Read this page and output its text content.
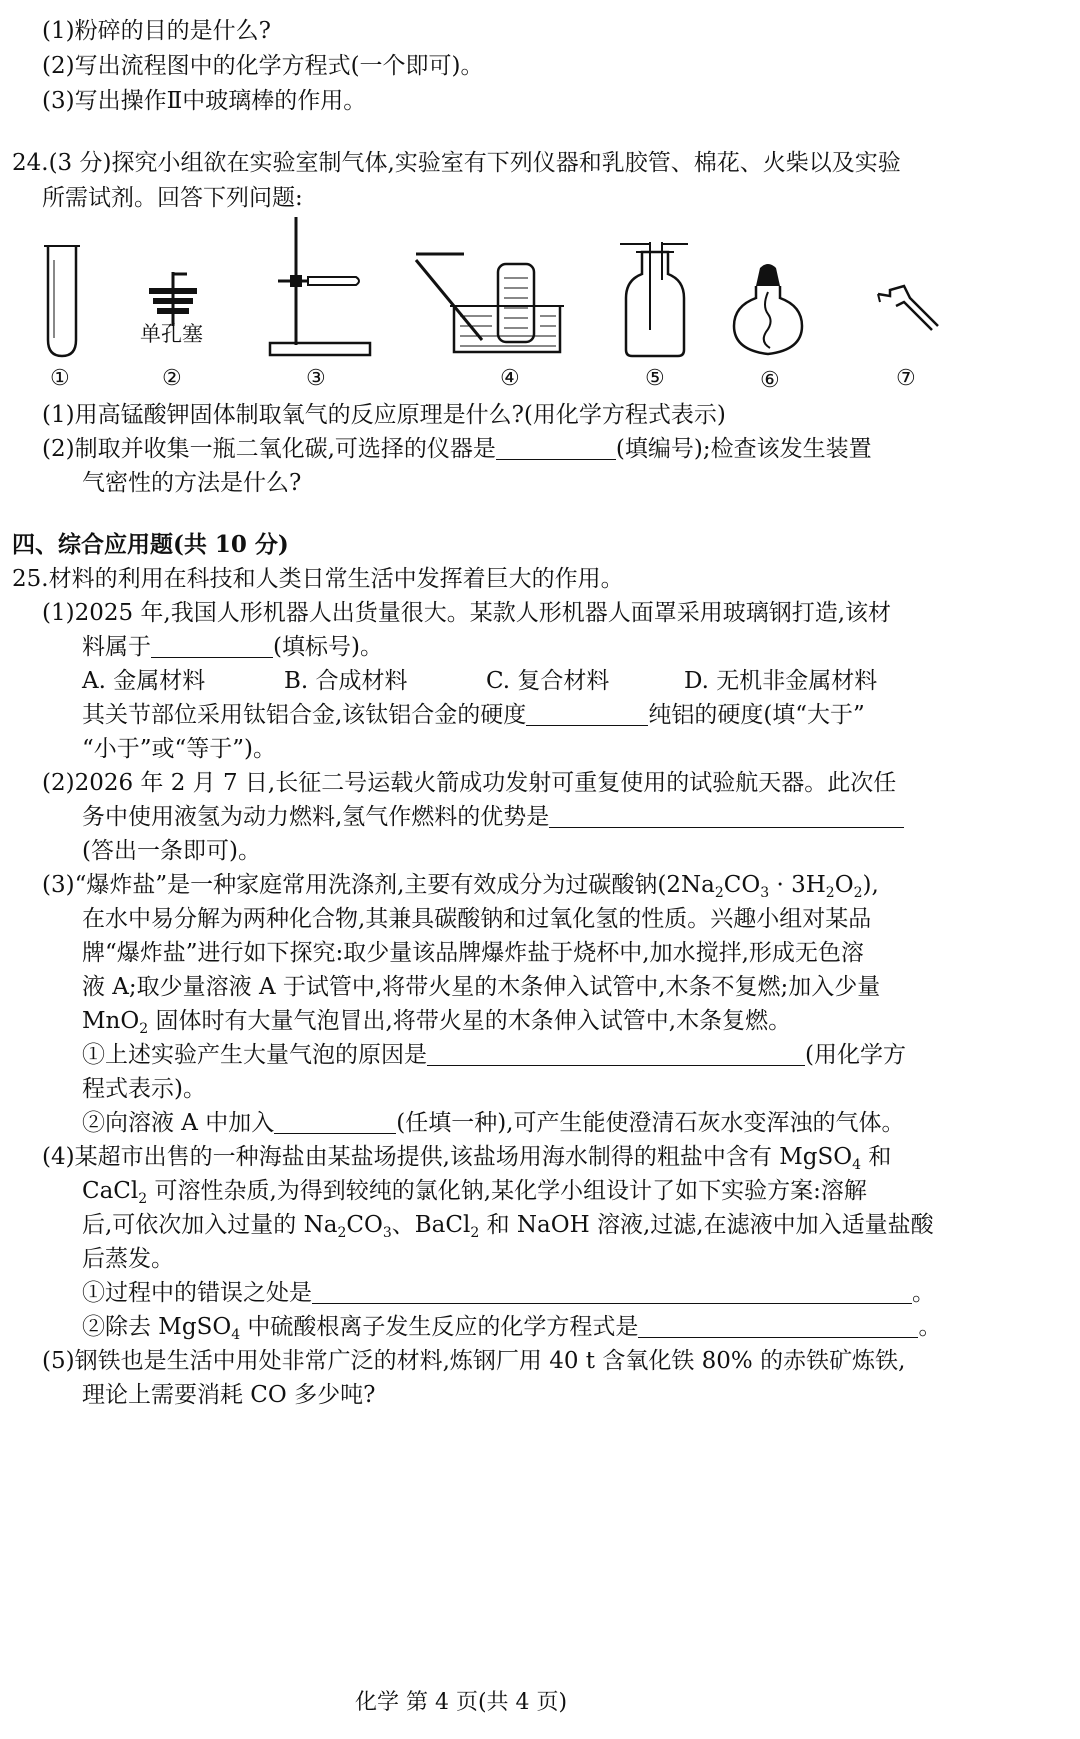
(1)粉碎的目的是什么?
(2)写出流程图中的化学方程式(一个即可)。
(3)写出操作Ⅱ中玻璃棒的作用。
24.(3 分)探究小组欲在实验室制气体,实验室有下列仪器和乳胶管、棉花、火柴以及实验
所需试剂。回答下列问题:
单孔塞
①	②	③	④	⑤	⑥	⑦
(1)用高锰酸钾固体制取氧气的反应原理是什么?(用化学方程式表示)
(2)制取并收集一瓶二氧化碳,可选择的仪器是	(填编号);检查该发生装置
气密性的方法是什么?
四、综合应用题(共 10 分)
25.材料的利用在科技和人类日常生活中发挥着巨大的作用。
(1)2025 年,我国人形机器人出货量很大。某款人形机器人面罩采用玻璃钢打造,该材
料属于	(填标号)。
A. 金属材料	B. 合成材料	C. 复合材料	D. 无机非金属材料
其关节部位采用钛铝合金,该钛铝合金的硬度	纯铝的硬度(填“大于”
“小于”或“等于”)。
(2)2026 年 2 月 7 日,长征二号运载火箭成功发射可重复使用的试验航天器。此次任
务中使用液氢为动力燃料,氢气作燃料的优势是
(答出一条即可)。
(3)“爆炸盐”是一种家庭常用洗涤剂,主要有效成分为过碳酸钠$(2Na_2CO_3 \cdot 3H_2O_2)$,
在水中易分解为两种化合物,其兼具碳酸钠和过氧化氢的性质。兴趣小组对某品
牌“爆炸盐”进行如下探究:取少量该品牌爆炸盐于烧杯中,加水搅拌,形成无色溶
液 A;取少量溶液 A 于试管中,将带火星的木条伸入试管中,木条不复燃;加入少量
MnO$_2$ 固体时有大量气泡冒出,将带火星的木条伸入试管中,木条复燃。
①上述实验产生大量气泡的原因是	(用化学方
程式表示)。
②向溶液 A 中加入	(任填一种),可产生能使澄清石灰水变浑浊的气体。
(4)某超市出售的一种海盐由某盐场提供,该盐场用海水制得的粗盐中含有 MgSO$_4$ 和
CaCl$_2$ 可溶性杂质,为得到较纯的氯化钠,某化学小组设计了如下实验方案:溶解
后,可依次加入过量的 $Na_2CO_3$、BaCl$_2$ 和 NaOH 溶液,过滤,在滤液中加入适量盐酸
后蒸发。
①过程中的错误之处是	。
②除去 MgSO$_4$ 中硫酸根离子发生反应的化学方程式是	。
(5)钢铁也是生活中用处非常广泛的材料,炼钢厂用 40 t 含氧化铁 80% 的赤铁矿炼铁,
理论上需要消耗 CO 多少吨?
化学 第 4 页(共 4 页)
